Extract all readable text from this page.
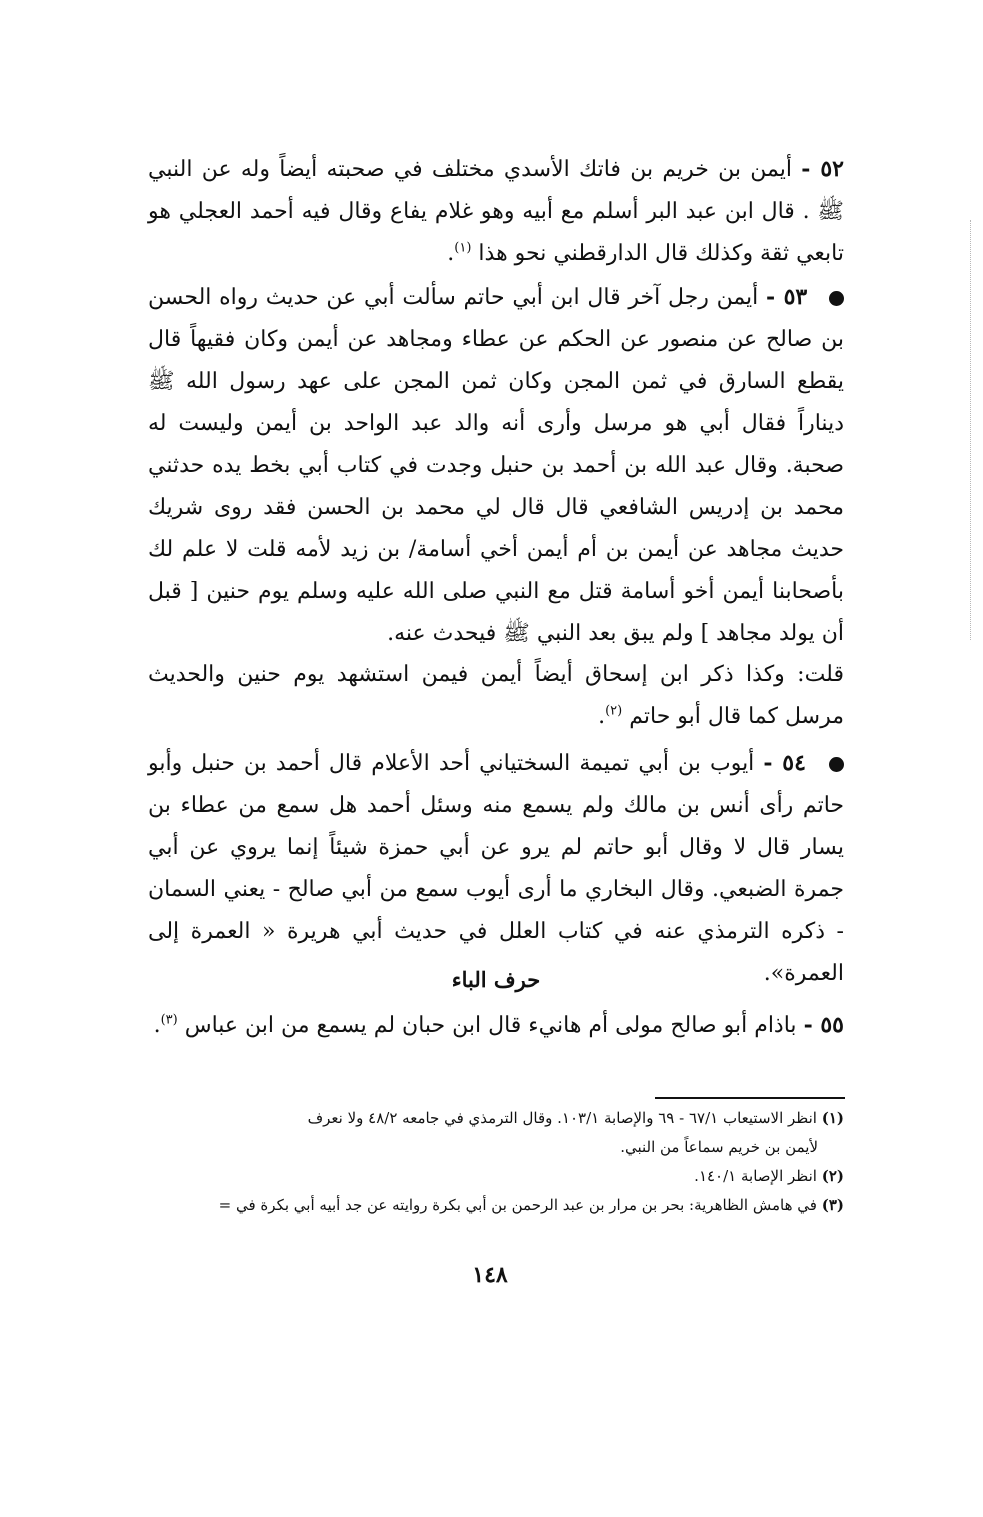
٥٢ - أيمن بن خريم بن فاتك الأسدي مختلف في صحبته أيضاً وله عن النبي ﷺ . قال ابن عبد البر أسلم مع أبيه وهو غلام يفاع وقال فيه أحمد العجلي هو تابعي ثقة وكذلك قال الدارقطني نحو هذا $^{(١)}$.

٥٣ - أيمن رجل آخر قال ابن أبي حاتم سألت أبي عن حديث رواه الحسن بن صالح عن منصور عن الحكم عن عطاء ومجاهد عن أيمن وكان فقيهاً قال يقطع السارق في ثمن المجن وكان ثمن المجن على عهد رسول الله ﷺ ديناراً فقال أبي هو مرسل وأرى أنه والد عبد الواحد بن أيمن وليست له صحبة. وقال عبد الله بن أحمد بن حنبل وجدت في كتاب أبي بخط يده حدثني محمد بن إدريس الشافعي قال قال لي محمد بن الحسن فقد روى شريك حديث مجاهد عن أيمن بن أم أيمن أخي أسامة/ بن زيد لأمه قلت لا علم لك بأصحابنا أيمن أخو أسامة قتل مع النبي صلى الله عليه وسلم يوم حنين [ قبل أن يولد مجاهد ] ولم يبق بعد النبي ﷺ فيحدث عنه.

قلت: وكذا ذكر ابن إسحاق أيضاً أيمن فيمن استشهد يوم حنين والحديث مرسل كما قال أبو حاتم $^{(٢)}$.

٥٤ - أيوب بن أبي تميمة السختياني أحد الأعلام قال أحمد بن حنبل وأبو حاتم رأى أنس بن مالك ولم يسمع منه وسئل أحمد هل سمع من عطاء بن يسار قال لا وقال أبو حاتم لم يرو عن أبي حمزة شيئاً إنما يروي عن أبي جمرة الضبعي. وقال البخاري ما أرى أيوب سمع من أبي صالح - يعني السمان - ذكره الترمذي عنه في كتاب العلل في حديث أبي هريرة « العمرة إلى العمرة».

حرف الباء

٥٥ - باذام أبو صالح مولى أم هانيء قال ابن حبان لم يسمع من ابن عباس $^{(٣)}$.

(١) انظر الاستيعاب ٦٧/١ - ٦٩ والإصابة ١٠٣/١. وقال الترمذي في جامعه ٤٨/٢ ولا نعرف

لأيمن بن خريم سماعاً من النبي.

(٢) انظر الإصابة ١٤٠/١.

(٣) في هامش الظاهرية: بحر بن مرار بن عبد الرحمن بن أبي بكرة روايته عن جد أبيه أبي بكرة في =

١٤٨
